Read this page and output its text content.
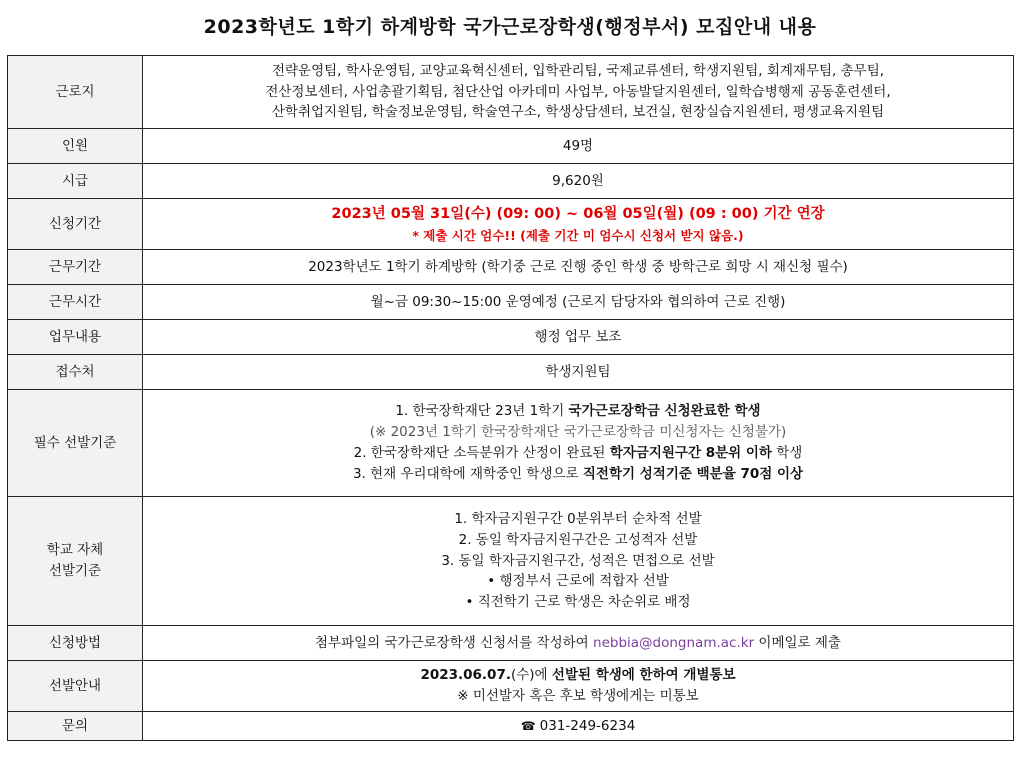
2023학년도 1학기 하계방학 국가근로장학생(행정부서) 모집안내 내용
근로지	전략운영팀, 학사운영팀, 교양교육혁신센터, 입학관리팀, 국제교류센터, 학생지원팀, 회계재무팀, 총무팀,
전산정보센터, 사업총괄기획팀, 첨단산업 아카데미 사업부, 아동발달지원센터, 일학습병행제 공동훈련센터,
산학취업지원팀, 학술정보운영팀, 학술연구소, 학생상담센터, 보건실, 현장실습지원센터, 평생교육지원팀

인원	49명
시급	9,620원
신청기간	2023년 05월 31일(수) (09: 00) ~ 06월 05일(월) (09 : 00) 기간 연장
* 제출 시간 엄수!! (제출 기간 미 엄수시 신청서 받지 않음.)

근무기간	2023학년도 1학기 하계방학 (학기중 근로 진행 중인 학생 중 방학근로 희망 시 재신청 필수)
근무시간	월~금 09:30~15:00 운영예정 (근로지 담당자와 협의하여 근로 진행)
업무내용	행정 업무 보조
접수처	학생지원팀
필수 선발기준	1. 한국장학재단 23년 1학기 국가근로장학금 신청완료한 학생
(※ 2023년 1학기 한국장학재단 국가근로장학금 미신청자는 신청불가)
2. 한국장학재단 소득분위가 산정이 완료된 학자금지원구간 8분위 이하 학생
3. 현재 우리대학에 재학중인 학생으로 직전학기 성적기준 백분율 70점 이상

학교 자체
선발기준	1. 학자금지원구간 0분위부터 순차적 선발
2. 동일 학자금지원구간은 고성적자 선발
3. 동일 학자금지원구간, 성적은 면접으로 선발
• 행정부서 근로에 적합자 선발
• 직전학기 근로 학생은 차순위로 배정

신청방법	첨부파일의 국가근로장학생 신청서를 작성하여 nebbia@dongnam.ac.kr 이메일로 제출
선발안내	2023.06.07.(수)에 선발된 학생에 한하여 개별통보
※ 미선발자 혹은 후보 학생에게는 미통보

문의	☎ 031-249-6234
